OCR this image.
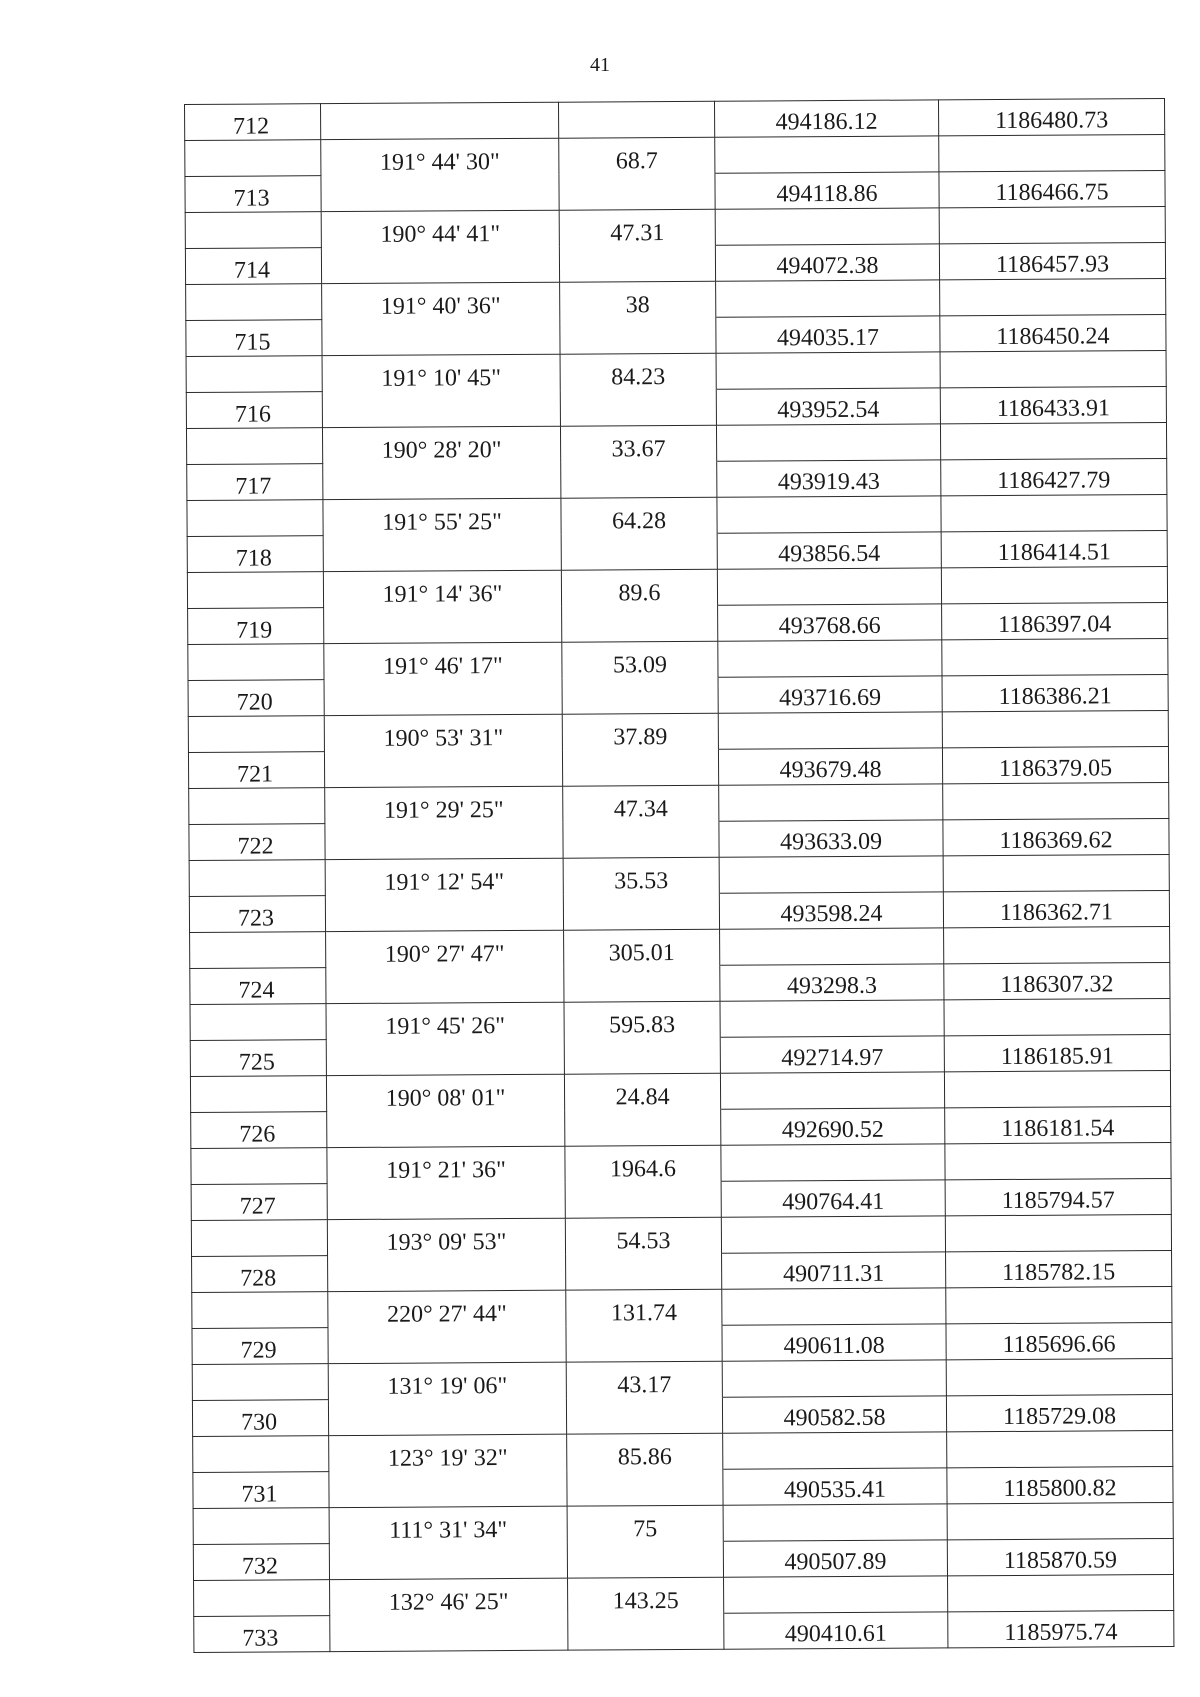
41
712			494186.12	1186480.73
	191° 44' 30"	68.7		
713			494118.86	1186466.75
	190° 44' 41"	47.31		
714			494072.38	1186457.93
	191° 40' 36"	38		
715			494035.17	1186450.24
	191° 10' 45"	84.23		
716			493952.54	1186433.91
	190° 28' 20"	33.67		
717			493919.43	1186427.79
	191° 55' 25"	64.28		
718			493856.54	1186414.51
	191° 14' 36"	89.6		
719			493768.66	1186397.04
	191° 46' 17"	53.09		
720			493716.69	1186386.21
	190° 53' 31"	37.89		
721			493679.48	1186379.05
	191° 29' 25"	47.34		
722			493633.09	1186369.62
	191° 12' 54"	35.53		
723			493598.24	1186362.71
	190° 27' 47"	305.01		
724			493298.3	1186307.32
	191° 45' 26"	595.83		
725			492714.97	1186185.91
	190° 08' 01"	24.84		
726			492690.52	1186181.54
	191° 21' 36"	1964.6		
727			490764.41	1185794.57
	193° 09' 53"	54.53		
728			490711.31	1185782.15
	220° 27' 44"	131.74		
729			490611.08	1185696.66
	131° 19' 06"	43.17		
730			490582.58	1185729.08
	123° 19' 32"	85.86		
731			490535.41	1185800.82
	111° 31' 34"	75		
732			490507.89	1185870.59
	132° 46' 25"	143.25		
733			490410.61	1185975.74
